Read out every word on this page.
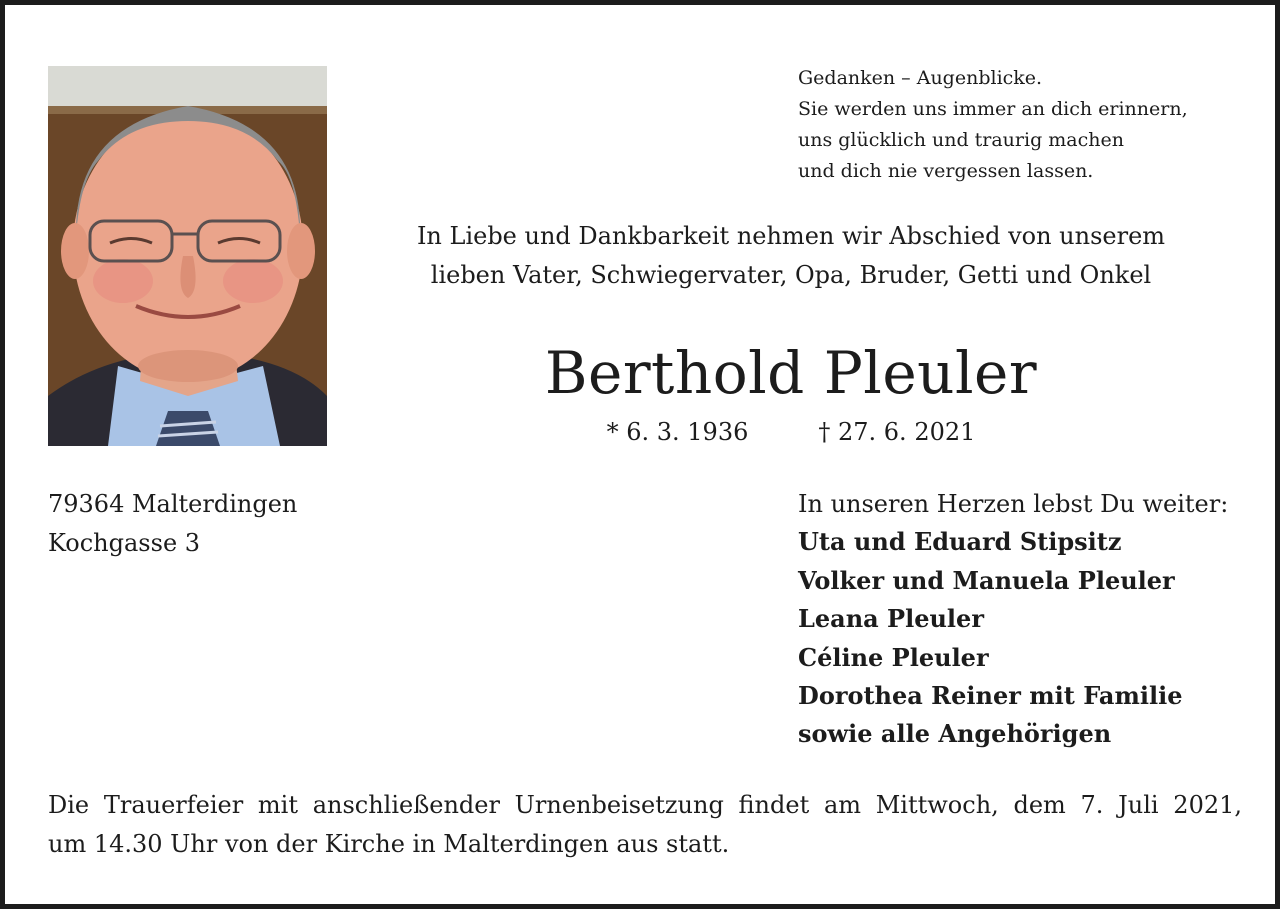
Gedanken – Augenblicke.
Sie werden uns immer an dich erinnern,
uns glücklich und traurig machen
und dich nie vergessen lassen.
In Liebe und Dankbarkeit nehmen wir Abschied von unserem
lieben Vater, Schwiegervater, Opa, Bruder, Getti und Onkel
Berthold Pleuler
* 6. 3. 1936	† 27. 6. 2021
79364 Malterdingen
Kochgasse 3
In unseren Herzen lebst Du weiter:
Uta und Eduard Stipsitz
Volker und Manuela Pleuler
Leana Pleuler
Céline Pleuler
Dorothea Reiner mit Familie
sowie alle Angehörigen
Die Trauerfeier mit anschließender Urnenbeisetzung findet am Mittwoch, dem 7. Juli 2021,
um 14.30 Uhr von der Kirche in Malterdingen aus statt.
